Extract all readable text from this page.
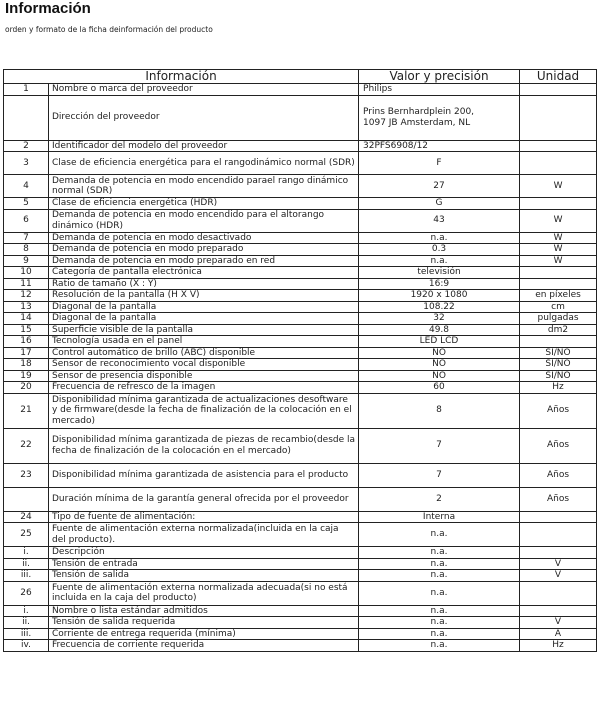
Información
orden y formato de la ficha deinformación del producto
Información		Valor y precisión	Unidad
1	Nombre o marca del proveedor	Philips	
	Dirección del proveedor	Prins Bernhardplein 200,
1097 JB Amsterdam, NL	
2	Identificador del modelo del proveedor	32PFS6908/12	
3	Clase de eficiencia energética para el rangodinámico normal (SDR)	F	
4	Demanda de potencia en modo encendido parael rango dinámico normal (SDR)	27	W
5	Clase de eficiencia energética (HDR)	G	
6	Demanda de potencia en modo encendido para el altorango dinámico (HDR)	43	W
7	Demanda de potencia en modo desactivado	n.a.	W
8	Demanda de potencia en modo preparado	0.3	W
9	Demanda de potencia en modo preparado en red	n.a.	W
10	Categoría de pantalla electrónica	televisión	
11	Ratio de tamaño (X : Y)	16:9	
12	Resolución de la pantalla (H X V)	1920 x 1080	en píxeles
13	Diagonal de la pantalla	108.22	cm
14	Diagonal de la pantalla	32	pulgadas
15	Superficie visible de la pantalla	49.8	dm2
16	Tecnología usada en el panel	LED LCD	
17	Control automático de brillo (ABC) disponible	NO	SÍ/NO
18	Sensor de reconocimiento vocal disponible	NO	SÍ/NO
19	Sensor de presencia disponible	NO	SÍ/NO
20	Frecuencia de refresco de la imagen	60	Hz
21	Disponibilidad mínima garantizada de actualizaciones desoftware y de firmware(desde la fecha de finalización de la colocación en el mercado)	8	Años
22	Disponibilidad mínima garantizada de piezas de recambio(desde la fecha de finalización de la colocación en el mercado)	7	Años
23	Disponibilidad mínima garantizada de asistencia para el producto	7	Años
	Duración mínima de la garantía general ofrecida por el proveedor	2	Años
24	Tipo de fuente de alimentación:	Interna	
25	Fuente de alimentación externa normalizada(incluida en la caja del producto).	n.a.	
i.	Descripción	n.a.	
ii.	Tensión de entrada	n.a.	V
iii.	Tensión de salida	n.a.	V
26	Fuente de alimentación externa normalizada adecuada(si no está incluida en la caja del producto)	n.a.	
i.	Nombre o lista estándar admitidos	n.a.	
ii.	Tensión de salida requerida	n.a.	V
iii.	Corriente de entrega requerida (mínima)	n.a.	A
iv.	Frecuencia de corriente requerida	n.a.	Hz
